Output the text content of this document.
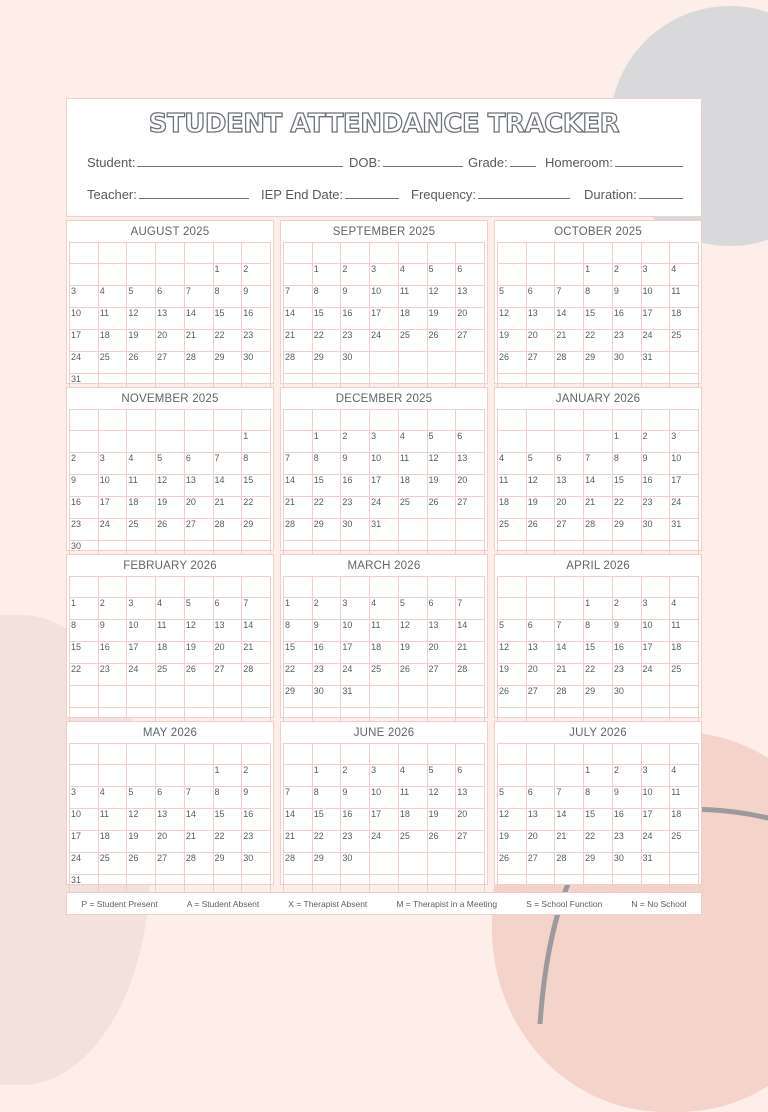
STUDENT ATTENDANCE TRACKER
Student:	DOB:	Grade:	Homeroom:
Teacher:	IEP End Date:	Frequency:	Duration:
AUGUST 2025

					1	2
3	4	5	6	7	8	9
10	11	12	13	14	15	16
17	18	19	20	21	22	23
24	25	26	27	28	29	30
31						
SEPTEMBER 2025

	1	2	3	4	5	6
7	8	9	10	11	12	13
14	15	16	17	18	19	20
21	22	23	24	25	26	27
28	29	30				

OCTOBER 2025

			1	2	3	4
5	6	7	8	9	10	11
12	13	14	15	16	17	18
19	20	21	22	23	24	25
26	27	28	29	30	31	

NOVEMBER 2025

						1
2	3	4	5	6	7	8
9	10	11	12	13	14	15
16	17	18	19	20	21	22
23	24	25	26	27	28	29
30						
DECEMBER 2025

	1	2	3	4	5	6
7	8	9	10	11	12	13
14	15	16	17	18	19	20
21	22	23	24	25	26	27
28	29	30	31			

JANUARY 2026

				1	2	3
4	5	6	7	8	9	10
11	12	13	14	15	16	17
18	19	20	21	22	23	24
25	26	27	28	29	30	31

FEBRUARY 2026

1	2	3	4	5	6	7
8	9	10	11	12	13	14
15	16	17	18	19	20	21
22	23	24	25	26	27	28

MARCH 2026

1	2	3	4	5	6	7
8	9	10	11	12	13	14
15	16	17	18	19	20	21
22	23	24	25	26	27	28
29	30	31				

APRIL 2026

			1	2	3	4
5	6	7	8	9	10	11
12	13	14	15	16	17	18
19	20	21	22	23	24	25
26	27	28	29	30		

MAY 2026

					1	2
3	4	5	6	7	8	9
10	11	12	13	14	15	16
17	18	19	20	21	22	23
24	25	26	27	28	29	30
31						
JUNE 2026

	1	2	3	4	5	6
7	8	9	10	11	12	13
14	15	16	17	18	19	20
21	22	23	24	25	26	27
28	29	30				

JULY 2026

			1	2	3	4
5	6	7	8	9	10	11
12	13	14	15	16	17	18
19	20	21	22	23	24	25
26	27	28	29	30	31	

P = Student Present	A = Student Absent	X = Therapist Absent	M = Therapist in a Meeting	S = School Function	N = No School
